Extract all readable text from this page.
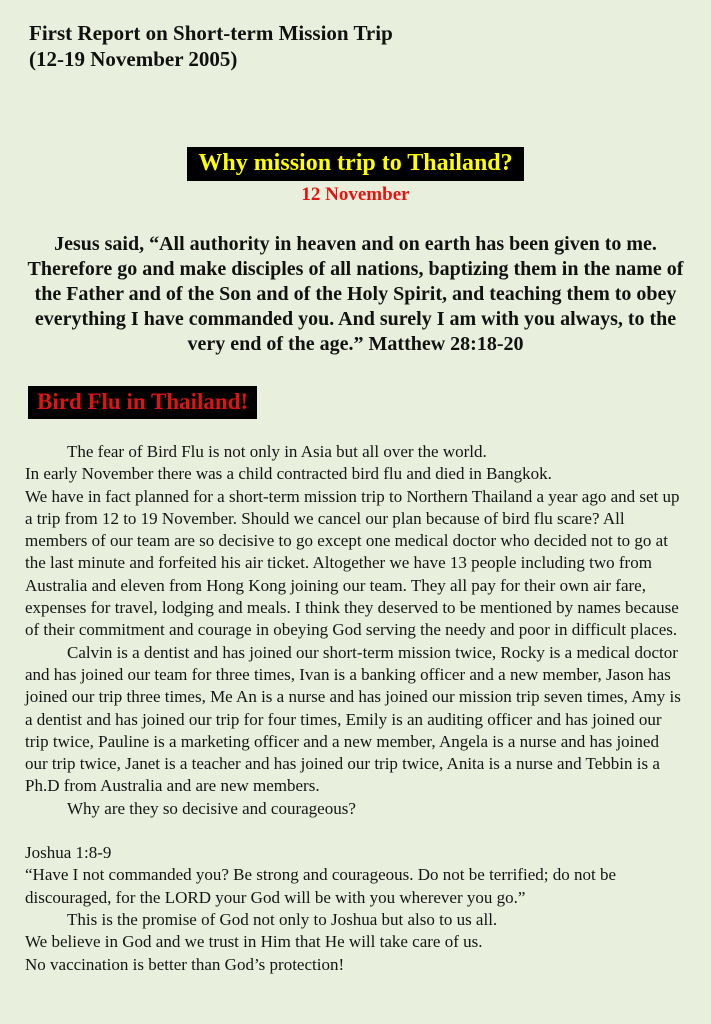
First Report on Short-term Mission Trip
(12-19 November 2005)
Why mission trip to Thailand?
12 November

Jesus said, “All authority in heaven and on earth has been given to me. Therefore go and make disciples of all nations, baptizing them in the name of the Father and of the Son and of the Holy Spirit, and teaching them to obey everything I have commanded you. And surely I am with you always, to the very end of the age.” Matthew 28:18-20

Bird Flu in Thailand!

The fear of Bird Flu is not only in Asia but all over the world.

In early November there was a child contracted bird flu and died in Bangkok.

We have in fact planned for a short-term mission trip to Northern Thailand a year ago and set up a trip from 12 to 19 November. Should we cancel our plan because of bird flu scare? All members of our team are so decisive to go except one medical doctor who decided not to go at the last minute and forfeited his air ticket. Altogether we have 13 people including two from Australia and eleven from Hong Kong joining our team. They all pay for their own air fare, expenses for travel, lodging and meals. I think they deserved to be mentioned by names because of their commitment and courage in obeying God serving the needy and poor in difficult places.

Calvin is a dentist and has joined our short-term mission twice, Rocky is a medical doctor and has joined our team for three times, Ivan is a banking officer and a new member, Jason has joined our trip three times, Me An is a nurse and has joined our mission trip seven times, Amy is a dentist and has joined our trip for four times, Emily is an auditing officer and has joined our trip twice, Pauline is a marketing officer and a new member, Angela is a nurse and has joined our trip twice, Janet is a teacher and has joined our trip twice, Anita is a nurse and Tebbin is a Ph.D from Australia and are new members.

Why are they so decisive and courageous?

Joshua 1:8-9

“Have I not commanded you? Be strong and courageous. Do not be terrified; do not be discouraged, for the LORD your God will be with you wherever you go.”

This is the promise of God not only to Joshua but also to us all.

We believe in God and we trust in Him that He will take care of us.

No vaccination is better than God’s protection!
